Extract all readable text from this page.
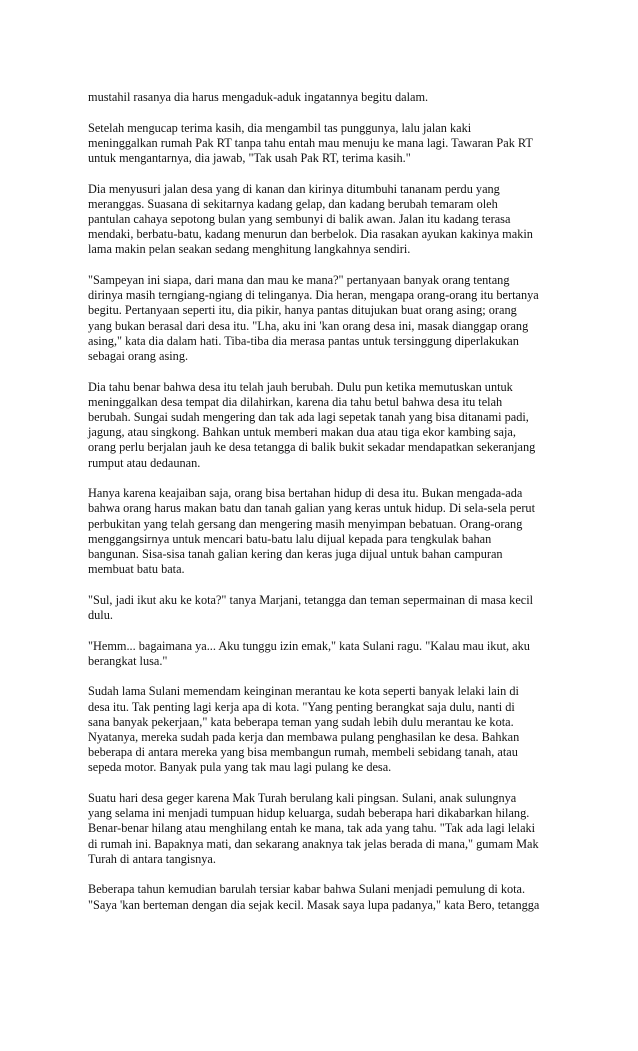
mustahil rasanya dia harus mengaduk-aduk ingatannya begitu dalam.

Setelah mengucap terima kasih, dia mengambil tas punggunya, lalu jalan kaki
meninggalkan rumah Pak RT tanpa tahu entah mau menuju ke mana lagi. Tawaran Pak RT
untuk mengantarnya, dia jawab, "Tak usah Pak RT, terima kasih."

Dia menyusuri jalan desa yang di kanan dan kirinya ditumbuhi tananam perdu yang
meranggas. Suasana di sekitarnya kadang gelap, dan kadang berubah temaram oleh
pantulan cahaya sepotong bulan yang sembunyi di balik awan. Jalan itu kadang terasa
mendaki, berbatu-batu, kadang menurun dan berbelok. Dia rasakan ayukan kakinya makin
lama makin pelan seakan sedang menghitung langkahnya sendiri.

"Sampeyan ini siapa, dari mana dan mau ke mana?" pertanyaan banyak orang tentang
dirinya masih terngiang-ngiang di telinganya. Dia heran, mengapa orang-orang itu bertanya
begitu. Pertanyaan seperti itu, dia pikir, hanya pantas ditujukan buat orang asing; orang
yang bukan berasal dari desa itu. "Lha, aku ini 'kan orang desa ini, masak dianggap orang
asing," kata dia dalam hati. Tiba-tiba dia merasa pantas untuk tersinggung diperlakukan
sebagai orang asing.

Dia tahu benar bahwa desa itu telah jauh berubah. Dulu pun ketika memutuskan untuk
meninggalkan desa tempat dia dilahirkan, karena dia tahu betul bahwa desa itu telah
berubah. Sungai sudah mengering dan tak ada lagi sepetak tanah yang bisa ditanami padi,
jagung, atau singkong. Bahkan untuk memberi makan dua atau tiga ekor kambing saja,
orang perlu berjalan jauh ke desa tetangga di balik bukit sekadar mendapatkan sekeranjang
rumput atau dedaunan.

Hanya karena keajaiban saja, orang bisa bertahan hidup di desa itu. Bukan mengada-ada
bahwa orang harus makan batu dan tanah galian yang keras untuk hidup. Di sela-sela perut
perbukitan yang telah gersang dan mengering masih menyimpan bebatuan. Orang-orang
menggangsirnya untuk mencari batu-batu lalu dijual kepada para tengkulak bahan
bangunan. Sisa-sisa tanah galian kering dan keras juga dijual untuk bahan campuran
membuat batu bata.

"Sul, jadi ikut aku ke kota?" tanya Marjani, tetangga dan teman sepermainan di masa kecil
dulu.

"Hemm... bagaimana ya... Aku tunggu izin emak," kata Sulani ragu. "Kalau mau ikut, aku
berangkat lusa."

Sudah lama Sulani memendam keinginan merantau ke kota seperti banyak lelaki lain di
desa itu. Tak penting lagi kerja apa di kota. "Yang penting berangkat saja dulu, nanti di
sana banyak pekerjaan," kata beberapa teman yang sudah lebih dulu merantau ke kota.
Nyatanya, mereka sudah pada kerja dan membawa pulang penghasilan ke desa. Bahkan
beberapa di antara mereka yang bisa membangun rumah, membeli sebidang tanah, atau
sepeda motor. Banyak pula yang tak mau lagi pulang ke desa.

Suatu hari desa geger karena Mak Turah berulang kali pingsan. Sulani, anak sulungnya
yang selama ini menjadi tumpuan hidup keluarga, sudah beberapa hari dikabarkan hilang.
Benar-benar hilang atau menghilang entah ke mana, tak ada yang tahu. "Tak ada lagi lelaki
di rumah ini. Bapaknya mati, dan sekarang anaknya tak jelas berada di mana," gumam Mak
Turah di antara tangisnya.

Beberapa tahun kemudian barulah tersiar kabar bahwa Sulani menjadi pemulung di kota.
"Saya 'kan berteman dengan dia sejak kecil. Masak saya lupa padanya," kata Bero, tetangga
